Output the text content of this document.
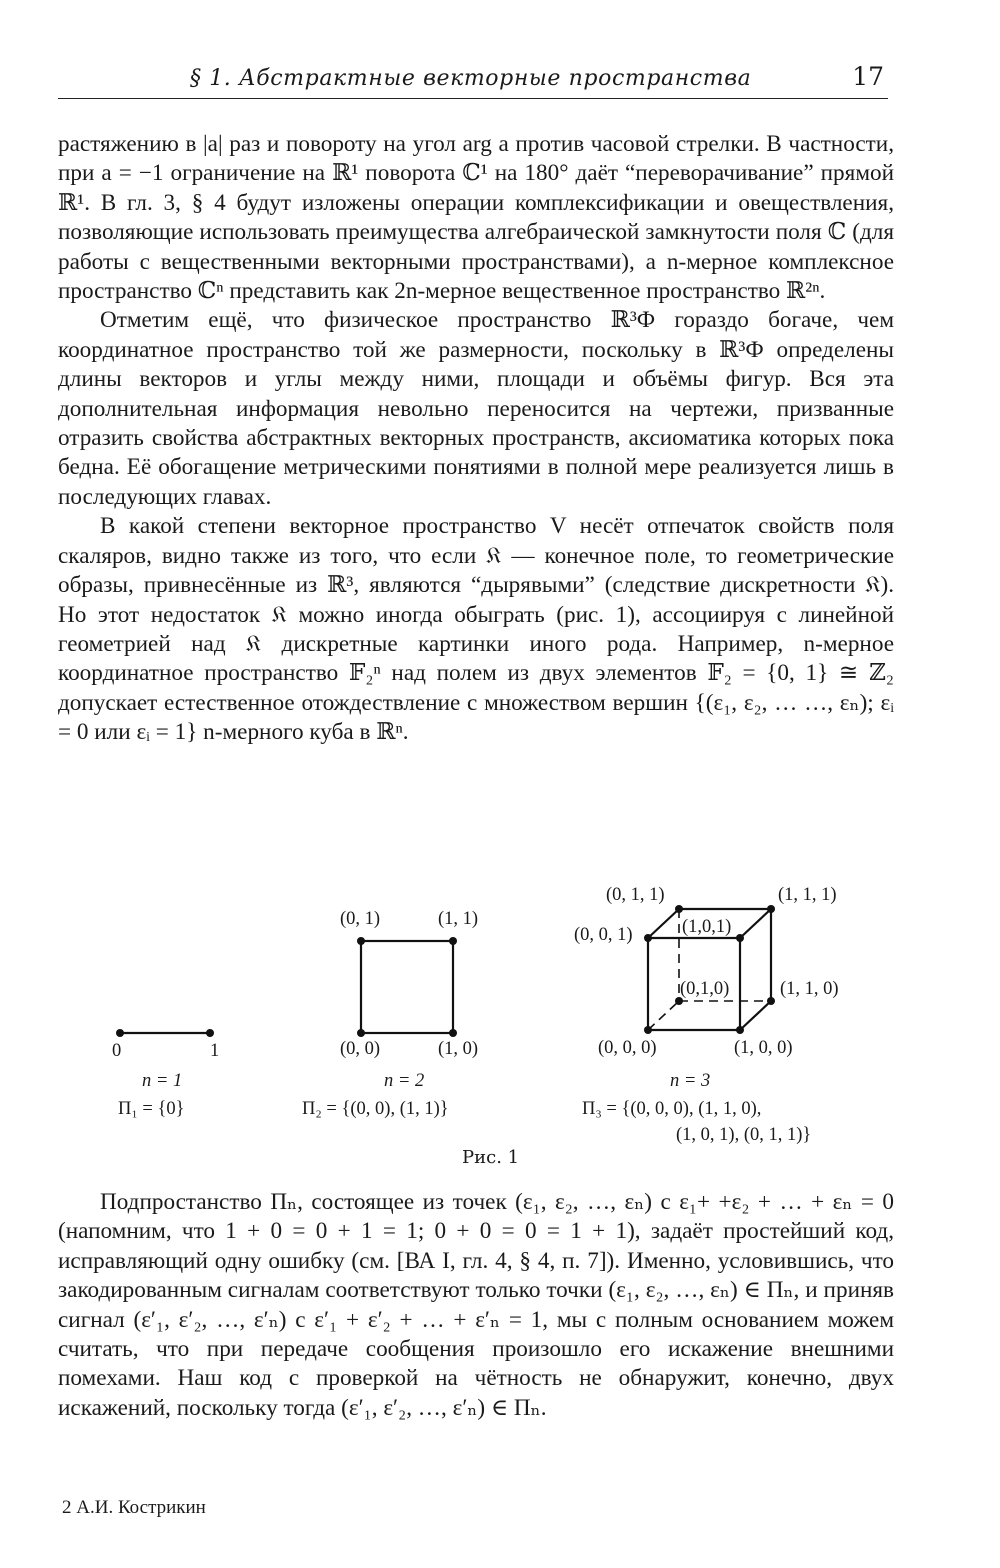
§ 1. Абстрактные векторные пространства	17

растяжению в |a| раз и повороту на угол arg a против часовой стрелки. В частности, при a = −1 ограничение на ℝ¹ поворота ℂ¹ на 180° даёт “переворачивание” прямой ℝ¹. В гл. 3, § 4 будут изложены операции комплексификации и овеществления, позволяющие использовать преимущества алгебраической замкнутости поля ℂ (для работы с вещественными векторными пространствами), а n-мерное комплексное пространство ℂⁿ представить как 2n-мерное вещественное пространство ℝ²ⁿ.

Отметим ещё, что физическое пространство ℝ³Ф гораздо богаче, чем координатное пространство той же размерности, поскольку в ℝ³Ф определены длины векторов и углы между ними, площади и объёмы фигур. Вся эта дополнительная информация невольно переносится на чертежи, призванные отразить свойства абстрактных векторных пространств, аксиоматика которых пока бедна. Её обогащение метрическими понятиями в полной мере реализуется лишь в последующих главах.

В какой степени векторное пространство V несёт отпечаток свойств поля скаляров, видно также из того, что если 𝔎 — конечное поле, то геометрические образы, привнесённые из ℝ³, являются “дырявыми” (следствие дискретности 𝔎). Но этот недостаток 𝔎 можно иногда обыграть (рис. 1), ассоциируя с линейной геометрией над 𝔎 дискретные картинки иного рода. Например, n-мерное координатное пространство 𝔽₂ⁿ над полем из двух элементов 𝔽₂ = {0, 1} ≅ ℤ₂ допускает естественное отождествление с множеством вершин {(ε₁, ε₂, … …, εₙ); εᵢ = 0 или εᵢ = 1} n-мерного куба в ℝⁿ.

0	1
n = 1
Π₁ = {0}
(0, 1)	(1, 1)
(0, 0)	(1, 0)
n = 2
Π₂ = {(0, 0), (1, 1)}
(0, 1, 1)	(1, 1, 1)
(0, 0, 1)	(1,0,1)
(0,1,0)	(1, 1, 0)
(0, 0, 0)	(1, 0, 0)
n = 3
Π₃ = {(0, 0, 0), (1, 1, 0),
(1, 0, 1), (0, 1, 1)}
Рис. 1

Подпростанство Πₙ, состоящее из точек (ε₁, ε₂, …, εₙ) с ε₁+ +ε₂ + … + εₙ = 0 (напомним, что 1 + 0 = 0 + 1 = 1; 0 + 0 = 0 = 1 + 1), задаёт простейший код, исправляющий одну ошибку (см. [ВА I, гл. 4, § 4, п. 7]). Именно, условившись, что закодированным сигналам соответствуют только точки (ε₁, ε₂, …, εₙ) ∈ Πₙ, и приняв сигнал (ε′₁, ε′₂, …, ε′ₙ) с ε′₁ + ε′₂ + … + ε′ₙ = 1, мы с полным основанием можем считать, что при передаче сообщения произошло его искажение внешними помехами. Наш код с проверкой на чётность не обнаружит, конечно, двух искажений, поскольку тогда (ε′₁, ε′₂, …, ε′ₙ) ∈ Πₙ.

2 А.И. Кострикин
